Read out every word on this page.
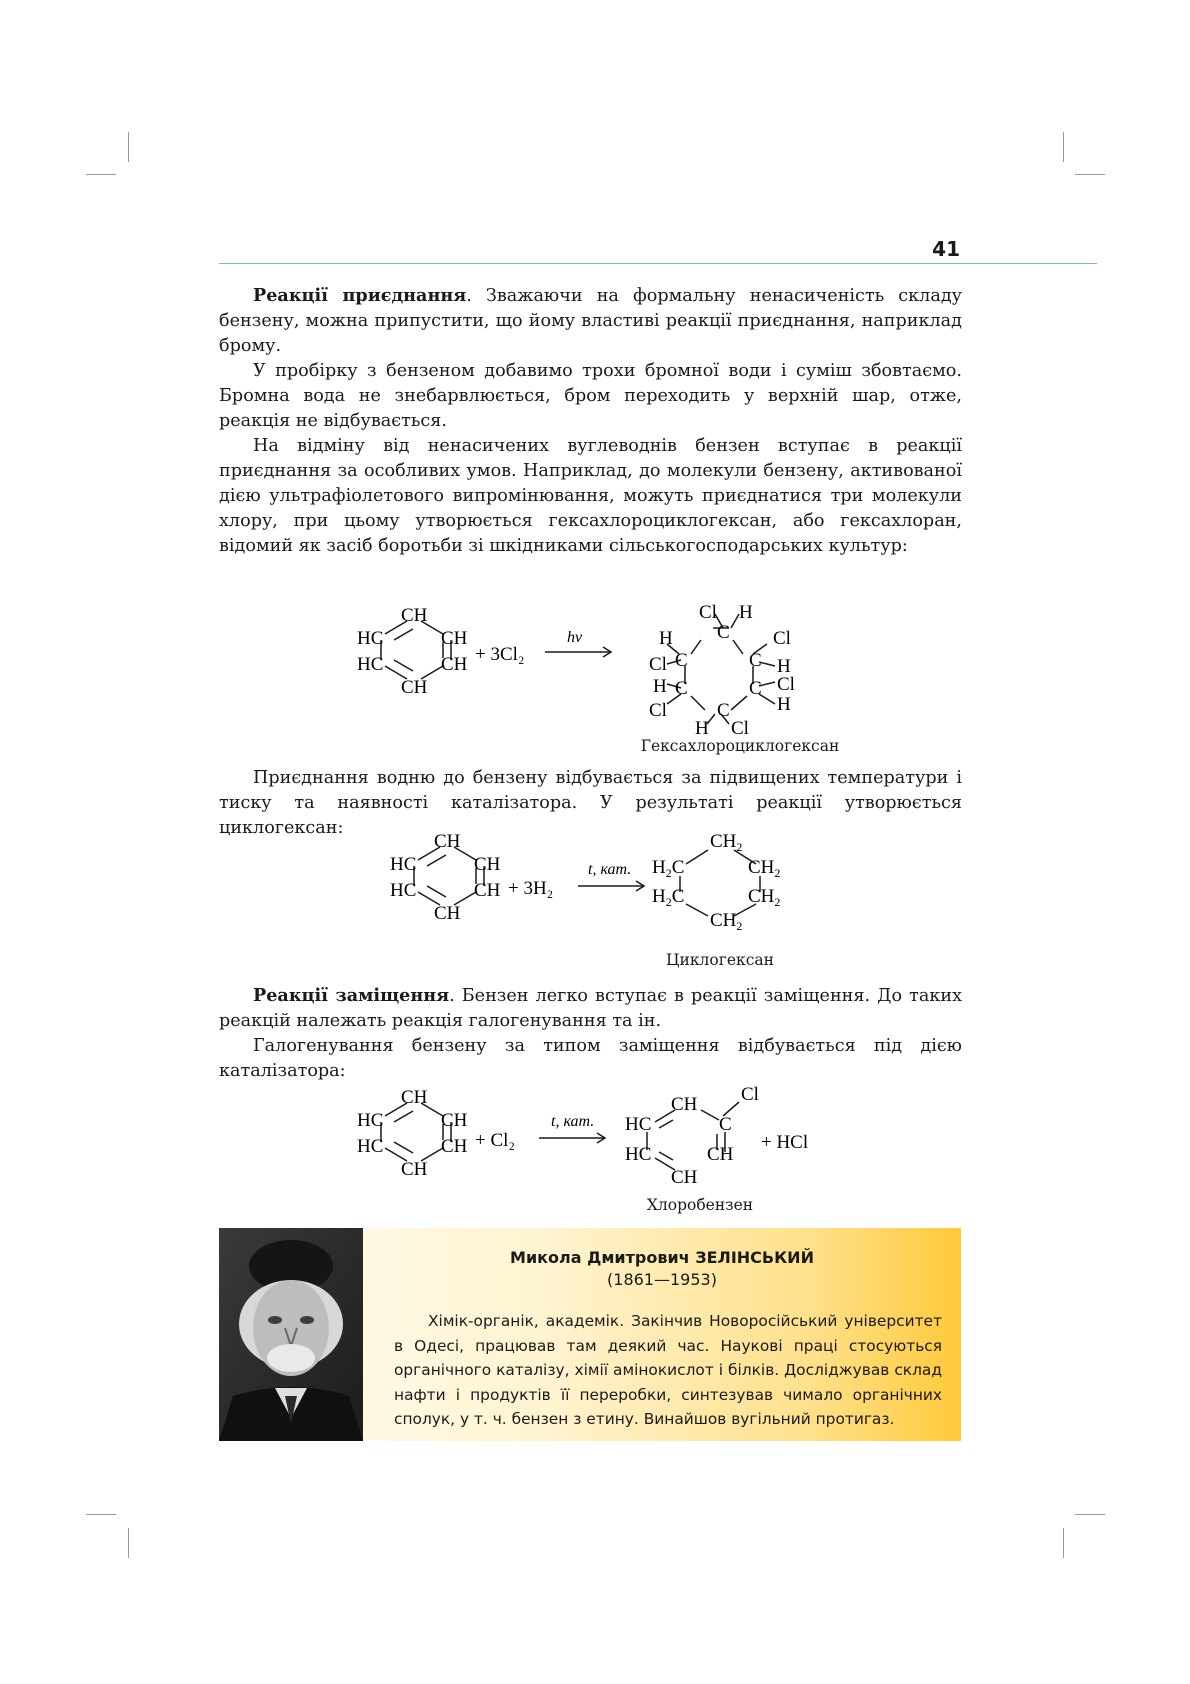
41

Реакції приєднання. Зважаючи на формальну ненасиченість складу бензену, можна припустити, що йому властиві реакції приєднання, наприклад брому.

У пробірку з бензеном добавимо трохи бромної води і суміш збовтаємо. Бромна вода не знебарвлюється, бром переходить у верхній шар, отже, реакція не відбувається.

На відміну від ненасичених вуглеводнів бензен вступає в реакції приєднання за особливих умов. Наприклад, до молекули бензену, активованої дією ультрафіолетового випромінювання, можуть приєднатися три молекули хлору, при цьому утворюється гексахлороциклогексан, або гексахлоран, відомий як засіб боротьби зі шкідниками сільськогосподарських культур:

CH
HC	CH
HC	CH
CH
+ 3Cl₂
hν
Cl H
C
H	Cl
C	C
Cl	H
C	C
H	Cl
H
Cl	C
H Cl
Гексахлороциклогексан

Приєднання водню до бензену відбувається за підвищених температури і тиску та наявності каталізатора. У результаті реакції утворюється циклогексан:

CH
HC	CH
HC	CH
CH
+ 3H₂
t, кат.
$CH_2$
$H_2C$	$CH_2$
$H_2C$	$CH_2$
$CH_2$
Циклогексан

Реакції заміщення. Бензен легко вступає в реакції заміщення. До таких реакцій належать реакція галогенування та ін.

Галогенування бензену за типом заміщення відбувається під дією каталізатора:

CH
HC	CH
HC	CH
CH
+ Cl₂
t, кат.
CH
HC	C
Cl
HC	CH
CH
+ HCl
Хлоробензен
Микола Дмитрович ЗЕЛІНСЬКИЙ
(1861—1953)

Хімік-органік, академік. Закінчив Новоросійський університет в Одесі, працював там деякий час. Наукові праці стосуються органічного каталізу, хімії амінокислот і білків. Досліджував склад нафти і продуктів її переробки, синтезував чимало органічних сполук, у т. ч. бензен з етину. Винайшов вугільний протигаз.
